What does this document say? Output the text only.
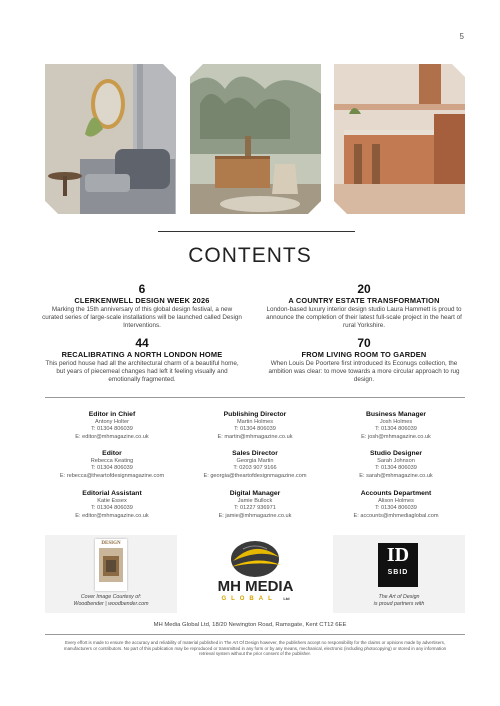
5
CONTENTS
6
CLERKENWELL DESIGN WEEK 2026
Marking the 15th anniversary of this global design festival, a new curated series of large-scale installations will be launched called Design Interventions.
20
A COUNTRY ESTATE TRANSFORMATION
London-based luxury interior design studio Laura Hammett is proud to announce the completion of their latest full-scale project in the heart of rural Yorkshire.
44
RECALIBRATING A NORTH LONDON HOME
This period house had all the architectural charm of a beautiful home, but years of piecemeal changes had left it feeling visually and emotionally fragmented.
70
FROM LIVING ROOM TO GARDEN
When Louis De Poortere first introduced its Econugs collection, the ambition was clear: to move towards a more circular approach to rug design.
Editor in Chief
Antony Holter
T: 01304 806039
E: editor@mhmagazine.co.uk
Publishing Director
Martin Holmes
T: 01304 806039
E: martin@mhmagazine.co.uk
Business Manager
Josh Holmes
T: 01304 806039
E: josh@mhmagazine.co.uk
Editor
Rebecca Keating
T: 01304 806039
E: rebecca@theartofdesignmagazine.com
Sales Director
Georgia Martin
T: 0203 907 9166
E: georgia@theartofdesignmagazine.com
Studio Designer
Sarah Johnson
T: 01304 806039
E: sarah@mhmagazine.co.uk
Editorial Assistant
Katie Essex
T: 01304 806039
E: editor@mhmagazine.co.uk
Digital Manager
Jamie Bullock
T: 01227 936971
E: jamie@mhmagazine.co.uk
Accounts Department
Alison Holmes
T: 01304 806039
E: accounts@mhmediaglobal.com
DESIGN
Cover Image Courtesy of:
Woodbender | woodbender.com
MH MEDIA
GLOBAL Ltd
ID
SBID
The Art of Design
is proud partners with
MH Media Global Ltd, 18/20 Newington Road, Ramsgate, Kent CT12 6EE
Every effort is made to ensure the accuracy and reliability of material published in The Art Of Design however, the publishers accept no responsibility for the claims or opinions made by advertisers, manufacturers or contributors. No part of this publication may be reproduced or transmitted in any form or by any means, mechanical, electronic (including photocopying) or stored in any information retrieval system without the prior consent of the publisher.
